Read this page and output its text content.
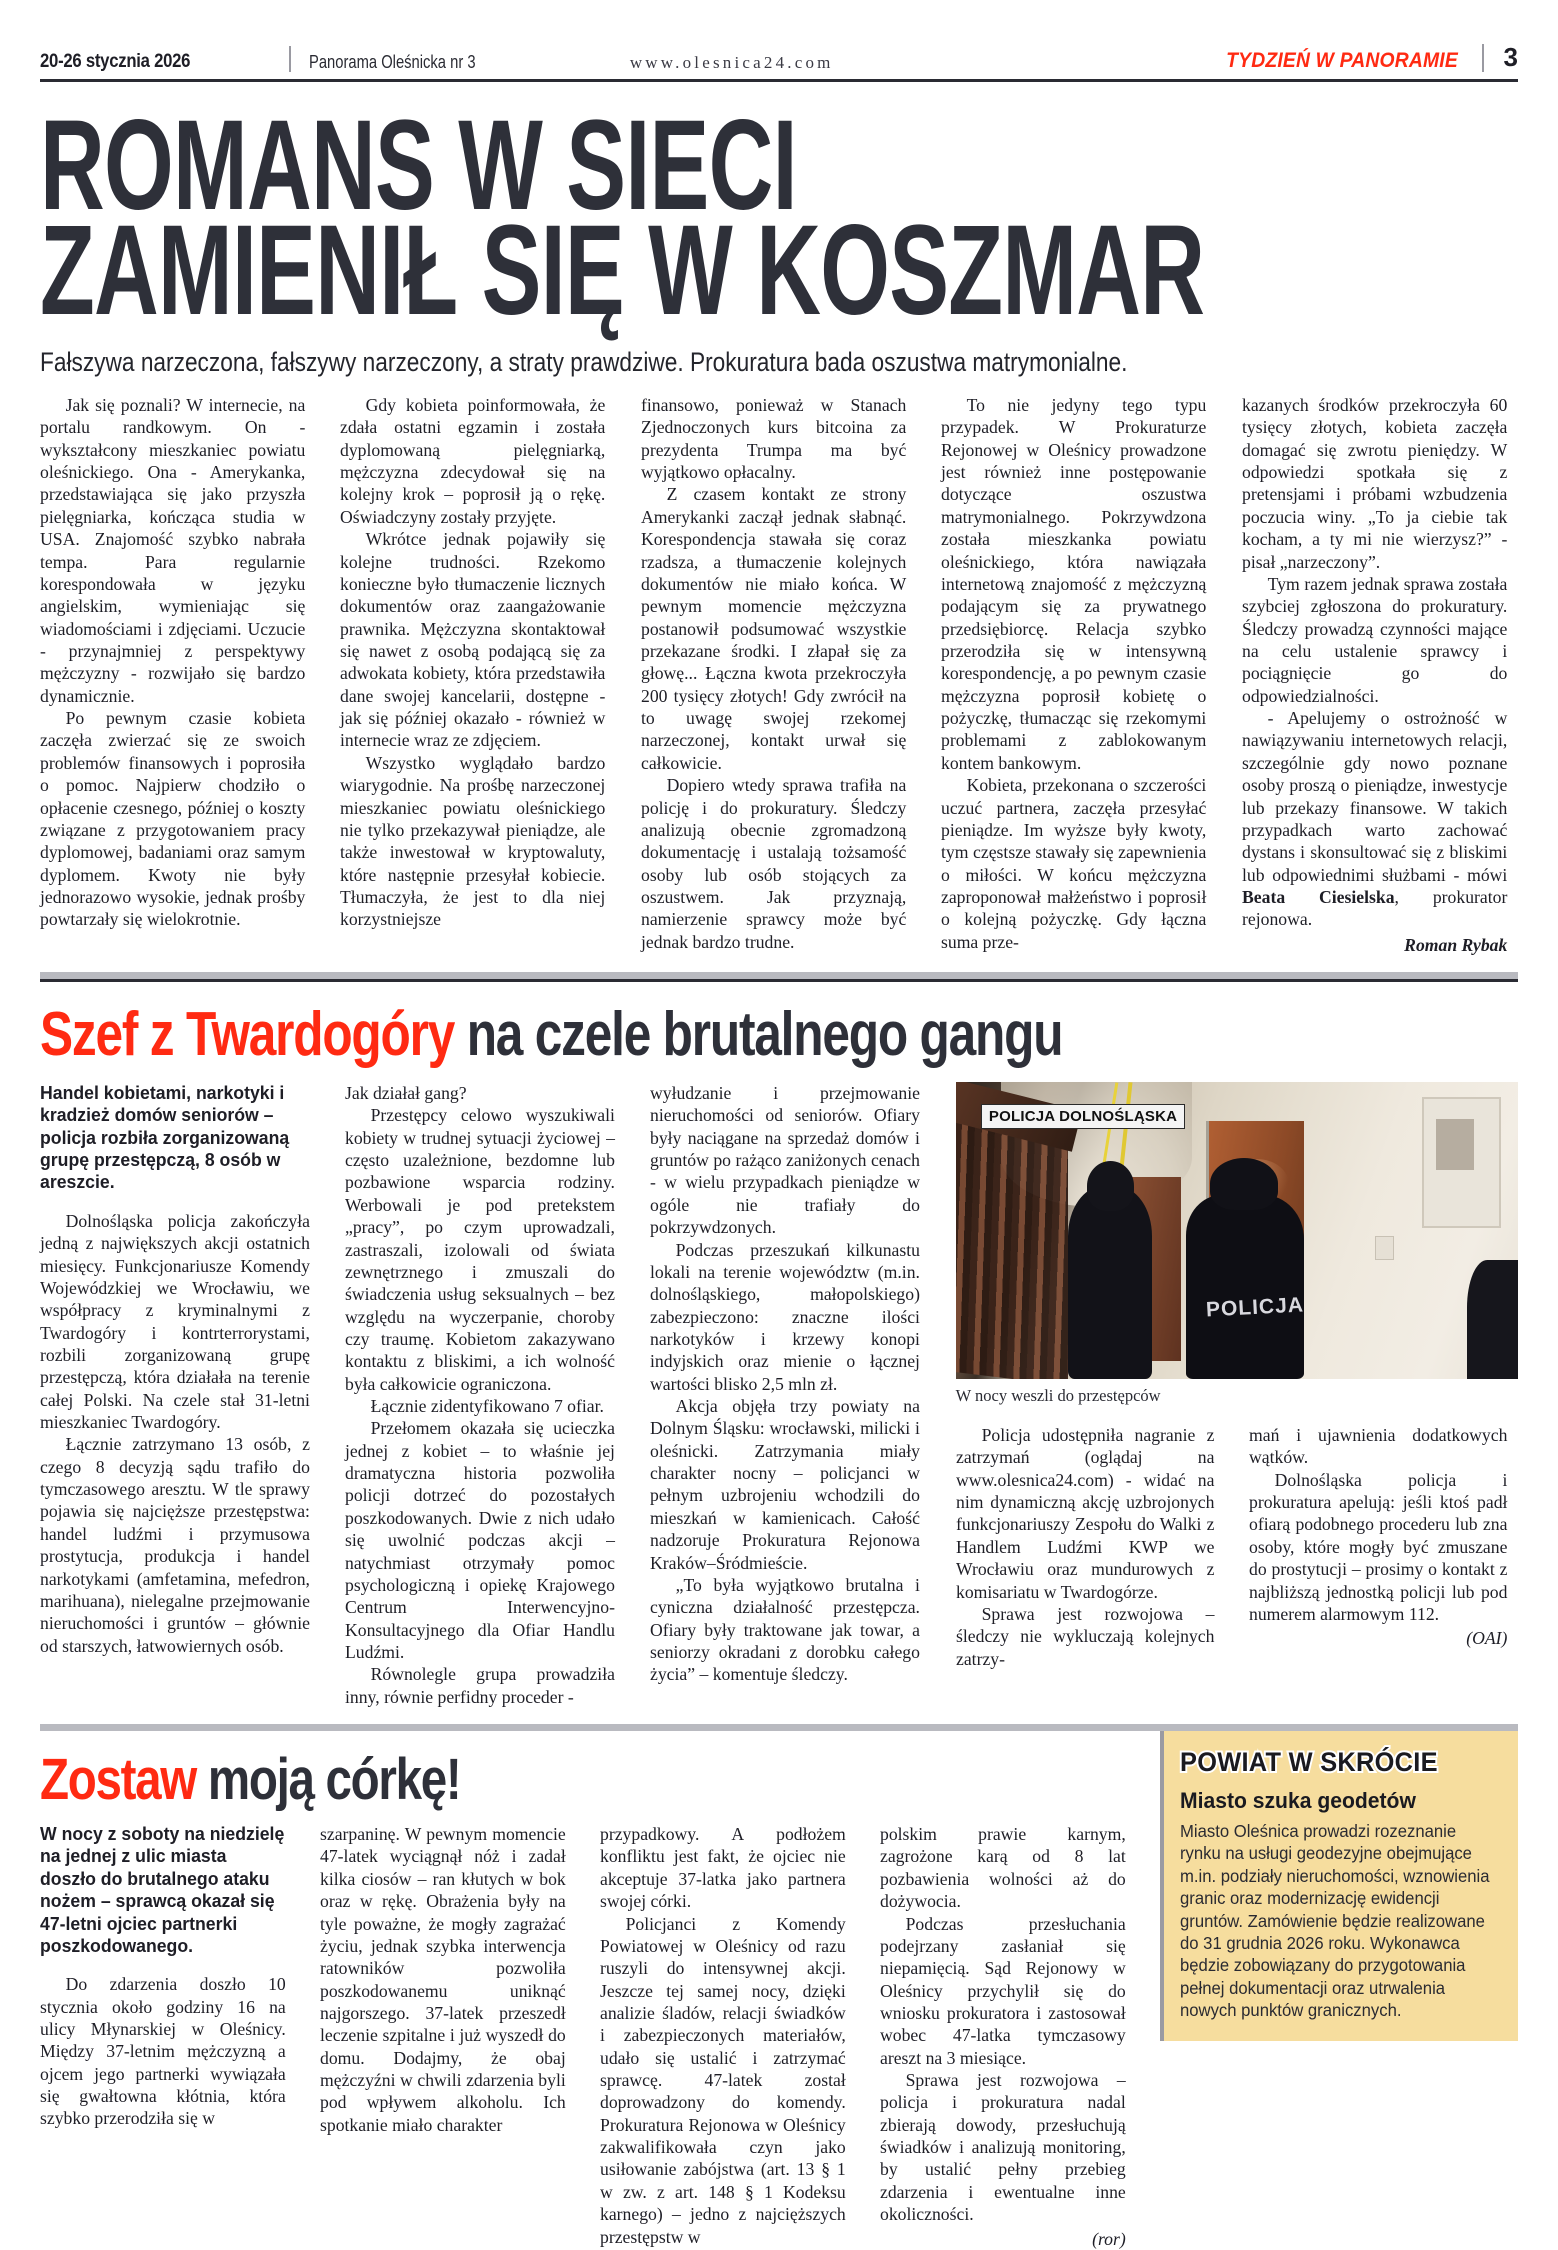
20-26 stycznia 2026	Panorama Oleśnicka nr 3	www.olesnica24.com	TYDZIEŃ W PANORAMIE 3
ROMANS W SIECI
ZAMIENIŁ SIĘ W KOSZMAR
Fałszywa narzeczona, fałszywy narzeczony, a straty prawdziwe. Prokuratura bada oszustwa matrymonialne.

Jak się poznali? W internecie, na portalu randkowym. On - wykształcony mieszkaniec powiatu oleśnickiego. Ona - Amerykanka, przedstawiająca się jako przyszła pielęgniarka, kończąca studia w USA. Znajomość szybko nabrała tempa. Para regularnie korespondowała w języku angielskim, wymieniając się wiadomościami i zdjęciami. Uczucie - przynajmniej z perspektywy mężczyzny - rozwijało się bardzo dynamicznie.

Po pewnym czasie kobieta zaczęła zwierzać się ze swoich problemów finansowych i poprosiła o pomoc. Najpierw chodziło o opłacenie czesnego, później o koszty związane z przygotowaniem pracy dyplomowej, badaniami oraz samym dyplomem. Kwoty nie były jednorazowo wysokie, jednak prośby powtarzały się wielokrotnie.

Gdy kobieta poinformowała, że zdała ostatni egzamin i została dyplomowaną pielęgniarką, mężczyzna zdecydował się na kolejny krok – poprosił ją o rękę. Oświadczyny zostały przyjęte.

Wkrótce jednak pojawiły się kolejne trudności. Rzekomo konieczne było tłumaczenie licznych dokumentów oraz zaangażowanie prawnika. Mężczyzna skontaktował się nawet z osobą podającą się za adwokata kobiety, która przedstawiła dane swojej kancelarii, dostępne - jak się później okazało - również w internecie wraz ze zdjęciem.

Wszystko wyglądało bardzo wiarygodnie. Na prośbę narzeczonej mieszkaniec powiatu oleśnickiego nie tylko przekazywał pieniądze, ale także inwestował w kryptowaluty, które następnie przesyłał kobiecie. Tłumaczyła, że jest to dla niej korzystniejsze

finansowo, ponieważ w Stanach Zjednoczonych kurs bitcoina za prezydenta Trumpa ma być wyjątkowo opłacalny.

Z czasem kontakt ze strony Amerykanki zaczął jednak słabnąć. Korespondencja stawała się coraz rzadsza, a tłumaczenie kolejnych dokumentów nie miało końca. W pewnym momencie mężczyzna postanowił podsumować wszystkie przekazane środki. I złapał się za głowę... Łączna kwota przekroczyła 200 tysięcy złotych! Gdy zwrócił na to uwagę swojej rzekomej narzeczonej, kontakt urwał się całkowicie.

Dopiero wtedy sprawa trafiła na policję i do prokuratury. Śledczy analizują obecnie zgromadzoną dokumentację i ustalają tożsamość osoby lub osób stojących za oszustwem. Jak przyznają, namierzenie sprawcy może być jednak bardzo trudne.

To nie jedyny tego typu przypadek. W Prokuraturze Rejonowej w Oleśnicy prowadzone jest również inne postępowanie dotyczące oszustwa matrymonialnego. Pokrzywdzona została mieszkanka powiatu oleśnickiego, która nawiązała internetową znajomość z mężczyzną podającym się za prywatnego przedsiębiorcę. Relacja szybko przerodziła się w intensywną korespondencję, a po pewnym czasie mężczyzna poprosił kobietę o pożyczkę, tłumacząc się rzekomymi problemami z zablokowanym kontem bankowym.

Kobieta, przekonana o szczerości uczuć partnera, zaczęła przesyłać pieniądze. Im wyższe były kwoty, tym częstsze stawały się zapewnienia o miłości. W końcu mężczyzna zaproponował małżeństwo i poprosił o kolejną pożyczkę. Gdy łączna suma prze-

kazanych środków przekroczyła 60 tysięcy złotych, kobieta zaczęła domagać się zwrotu pieniędzy. W odpowiedzi spotkała się z pretensjami i próbami wzbudzenia poczucia winy. „To ja ciebie tak kocham, a ty mi nie wierzysz?” - pisał „narzeczony”.

Tym razem jednak sprawa została szybciej zgłoszona do prokuratury. Śledczy prowadzą czynności mające na celu ustalenie sprawcy i pociągnięcie go do odpowiedzialności.

- Apelujemy o ostrożność w nawiązywaniu internetowych relacji, szczególnie gdy nowo poznane osoby proszą o pieniądze, inwestycje lub przekazy finansowe. W takich przypadkach warto zachować dystans i skonsultować się z bliskimi lub odpowiednimi służbami - mówi Beata Ciesielska, prokurator rejonowa.

Roman Rybak

Szef z Twardogóry na czele brutalnego gangu

Handel kobietami, narkotyki i kradzież domów seniorów – policja rozbiła zorganizowaną grupę przestępczą, 8 osób w areszcie.

Dolnośląska policja zakończyła jedną z największych akcji ostatnich miesięcy. Funkcjonariusze Komendy Wojewódzkiej we Wrocławiu, we współpracy z kryminalnymi z Twardogóry i kontrterrorystami, rozbili zorganizowaną grupę przestępczą, która działała na terenie całej Polski. Na czele stał 31-letni mieszkaniec Twardogóry.

Łącznie zatrzymano 13 osób, z czego 8 decyzją sądu trafiło do tymczasowego aresztu. W tle sprawy pojawia się najcięższe przestępstwa: handel ludźmi i przymusowa prostytucja, produkcja i handel narkotykami (amfetamina, mefedron, marihuana), nielegalne przejmowanie nieruchomości i gruntów – głównie od starszych, łatwowiernych osób.

Jak działał gang?

Przestępcy celowo wyszukiwali kobiety w trudnej sytuacji życiowej – często uzależnione, bezdomne lub pozbawione wsparcia rodziny. Werbowali je pod pretekstem „pracy”, po czym uprowadzali, zastraszali, izolowali od świata zewnętrznego i zmuszali do świadczenia usług seksualnych – bez względu na wyczerpanie, choroby czy traumę. Kobietom zakazywano kontaktu z bliskimi, a ich wolność była całkowicie ograniczona.

Łącznie zidentyfikowano 7 ofiar.

Przełomem okazała się ucieczka jednej z kobiet – to właśnie jej dramatyczna historia pozwoliła policji dotrzeć do pozostałych poszkodowanych. Dwie z nich udało się uwolnić podczas akcji – natychmiast otrzymały pomoc psychologiczną i opiekę Krajowego Centrum Interwencyjno-Konsultacyjnego dla Ofiar Handlu Ludźmi.

Równolegle grupa prowadziła inny, równie perfidny proceder -

wyłudzanie i przejmowanie nieruchomości od seniorów. Ofiary były naciągane na sprzedaż domów i gruntów po rażąco zaniżonych cenach - w wielu przypadkach pieniądze w ogóle nie trafiały do pokrzywdzonych.

Podczas przeszukań kilkunastu lokali na terenie województw (m.in. dolnośląskiego, małopolskiego) zabezpieczono: znaczne ilości narkotyków i krzewy konopi indyjskich oraz mienie o łącznej wartości blisko 2,5 mln zł.

Akcja objęła trzy powiaty na Dolnym Śląsku: wrocławski, milicki i oleśnicki. Zatrzymania miały charakter nocny – policjanci w pełnym uzbrojeniu wchodzili do mieszkań w kamienicach. Całość nadzoruje Prokuratura Rejonowa Kraków–Śródmieście.

„To była wyjątkowo brutalna i cyniczna działalność przestępcza. Ofiary były traktowane jak towar, a seniorzy okradani z dorobku całego życia” – komentuje śledczy.

POLICJA
POLICJA DOLNOŚLĄSKA
W nocy weszli do przestępców

Policja udostępniła nagranie z zatrzymań (oglądaj na www.olesnica24.com) - widać na nim dynamiczną akcję uzbrojonych funkcjonariuszy Zespołu do Walki z Handlem Ludźmi KWP we Wrocławiu oraz mundurowych z komisariatu w Twardogórze.

Sprawa jest rozwojowa – śledczy nie wykluczają kolejnych zatrzy-

mań i ujawnienia dodatkowych wątków.

Dolnośląska policja i prokuratura apelują: jeśli ktoś padł ofiarą podobnego procederu lub zna osoby, które mogły być zmuszane do prostytucji – prosimy o kontakt z najbliższą jednostką policji lub pod numerem alarmowym 112.

(OAI)

Zostaw moją córkę!

W nocy z soboty na niedzielę na jednej z ulic miasta doszło do brutalnego ataku nożem – sprawcą okazał się 47-letni ojciec partnerki poszkodowanego.

Do zdarzenia doszło 10 stycznia około godziny 16 na ulicy Młynarskiej w Oleśnicy. Między 37-letnim mężczyzną a ojcem jego partnerki wywiązała się gwałtowna kłótnia, która szybko przerodziła się w

szarpaninę. W pewnym momencie 47-latek wyciągnął nóż i zadał kilka ciosów – ran kłutych w bok oraz w rękę. Obrażenia były na tyle poważne, że mogły zagrażać życiu, jednak szybka interwencja ratowników pozwoliła poszkodowanemu uniknąć najgorszego. 37-latek przeszedł leczenie szpitalne i już wyszedł do domu. Dodajmy, że obaj mężczyźni w chwili zdarzenia byli pod wpływem alkoholu. Ich spotkanie miało charakter

przypadkowy. A podłożem konfliktu jest fakt, że ojciec nie akceptuje 37-latka jako partnera swojej córki.

Policjanci z Komendy Powiatowej w Oleśnicy od razu ruszyli do intensywnej akcji. Jeszcze tej samej nocy, dzięki analizie śladów, relacji świadków i zabezpieczonych materiałów, udało się ustalić i zatrzymać sprawcę. 47-latek został doprowadzony do komendy. Prokuratura Rejonowa w Oleśnicy zakwalifikowała czyn jako usiłowanie zabójstwa (art. 13 § 1 w zw. z art. 148 § 1 Kodeksu karnego) – jedno z najcięższych przestępstw w

polskim prawie karnym, zagrożone karą od 8 lat pozbawienia wolności aż do dożywocia.

Podczas przesłuchania podejrzany zasłaniał się niepamięcią. Sąd Rejonowy w Oleśnicy przychylił się do wniosku prokuratora i zastosował wobec 47-latka tymczasowy areszt na 3 miesiące.

Sprawa jest rozwojowa – policja i prokuratura nadal zbierają dowody, przesłuchują świadków i analizują monitoring, by ustalić pełny przebieg zdarzenia i ewentualne inne okoliczności.

(ror)

POWIAT W SKRÓCIE
Miasto szuka geodetów
Miasto Oleśnica prowadzi rozeznanie rynku na usługi geodezyjne obejmujące m.in. podziały nieruchomości, wznowienia granic oraz modernizację ewidencji gruntów. Zamówienie będzie realizowane do 31 grudnia 2026 roku. Wykonawca będzie zobowiązany do przygotowania pełnej dokumentacji oraz utrwalenia nowych punktów granicznych.
